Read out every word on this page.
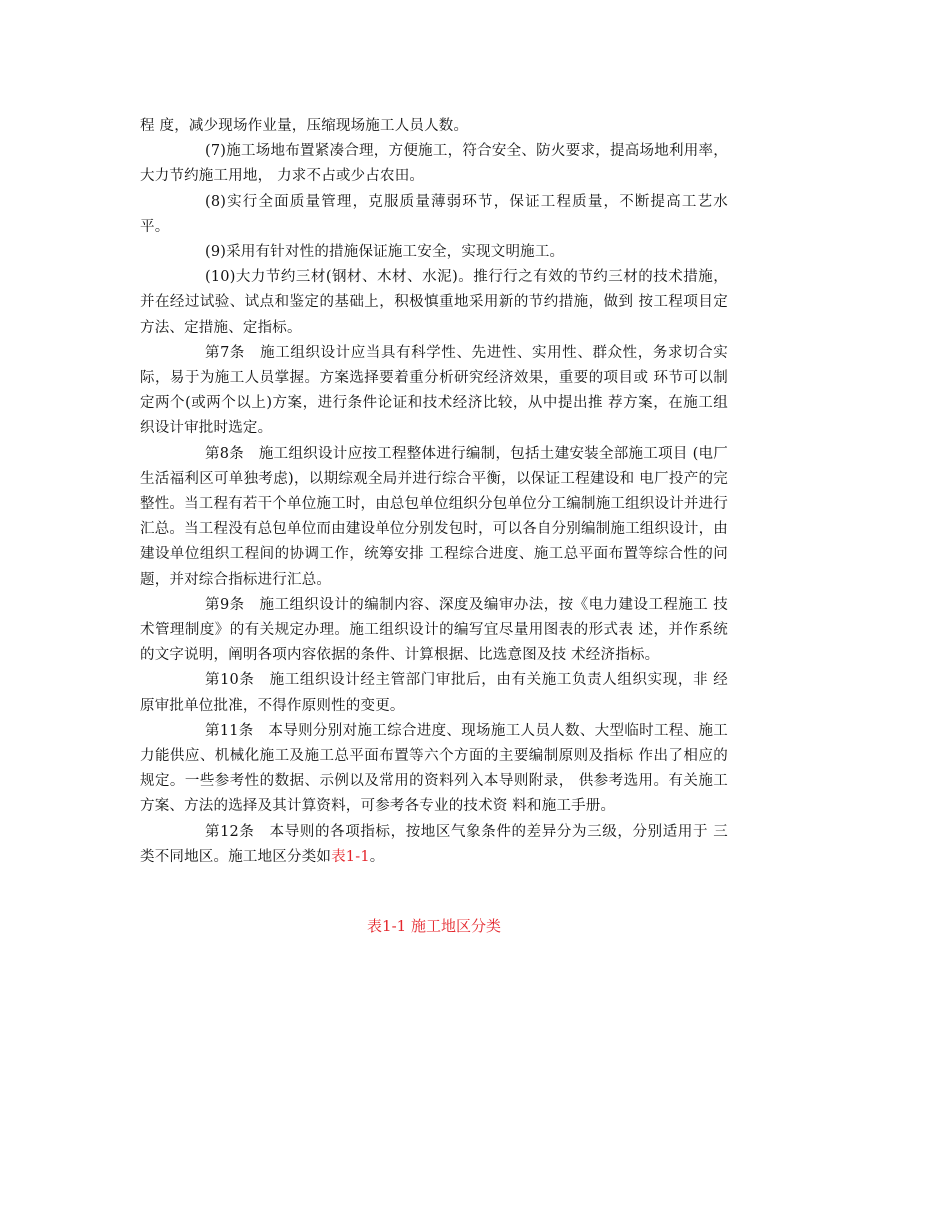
程 度，减少现场作业量，压缩现场施工人员人数。

(7)施工场地布置紧凑合理，方便施工，符合安全、防火要求，提高场地利用率，大力节约施工用地， 力求不占或少占农田。

(8)实行全面质量管理，克服质量薄弱环节，保证工程质量，不断提高工艺水 平。

(9)采用有针对性的措施保证施工安全，实现文明施工。

(10)大力节约三材(钢材、木材、水泥)。推行行之有效的节约三材的技术措施，并在经过试验、试点和鉴定的基础上，积极慎重地采用新的节约措施，做到 按工程项目定方法、定措施、定指标。

第7条　施工组织设计应当具有科学性、先进性、实用性、群众性，务求切合实际，易于为施工人员掌握。方案选择要着重分析研究经济效果，重要的项目或 环节可以制定两个(或两个以上)方案，进行条件论证和技术经济比较，从中提出推 荐方案，在施工组织设计审批时选定。

第8条　施工组织设计应按工程整体进行编制，包括土建安装全部施工项目 (电厂生活福利区可单独考虑)，以期综观全局并进行综合平衡，以保证工程建设和 电厂投产的完整性。当工程有若干个单位施工时，由总包单位组织分包单位分工编制施工组织设计并进行汇总。当工程没有总包单位而由建设单位分别发包时，可以各自分别编制施工组织设计，由建设单位组织工程间的协调工作，统筹安排 工程综合进度、施工总平面布置等综合性的问题，并对综合指标进行汇总。

第9条　施工组织设计的编制内容、深度及编审办法，按《电力建设工程施工 技术管理制度》的有关规定办理。施工组织设计的编写宜尽量用图表的形式表 述，并作系统的文字说明，阐明各项内容依据的条件、计算根据、比选意图及技 术经济指标。

第10条　施工组织设计经主管部门审批后，由有关施工负责人组织实现，非 经原审批单位批准，不得作原则性的变更。

第11条　本导则分别对施工综合进度、现场施工人员人数、大型临时工程、施工力能供应、机械化施工及施工总平面布置等六个方面的主要编制原则及指标 作出了相应的规定。一些参考性的数据、示例以及常用的资料列入本导则附录， 供参考选用。有关施工方案、方法的选择及其计算资料，可参考各专业的技术资 料和施工手册。

第12条　本导则的各项指标，按地区气象条件的差异分为三级，分别适用于 三类不同地区。施工地区分类如表1-1。

表1-1 施工地区分类
